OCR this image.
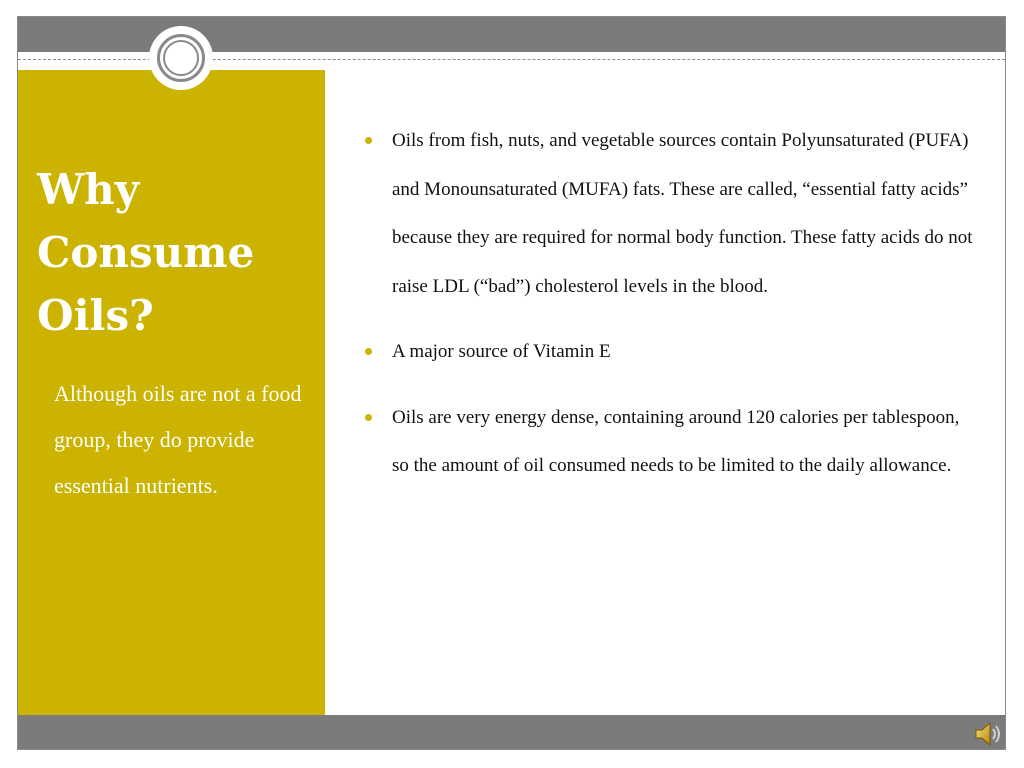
Why
Consume
Oils?

Although oils are not a food group, they do provide essential nutrients.

Oils from fish, nuts, and vegetable sources contain Polyunsaturated (PUFA) and Monounsaturated (MUFA) fats. These are called, “essential fatty acids” because they are required for normal body function. These fatty acids do not raise LDL (“bad”) cholesterol levels in the blood.
A major source of Vitamin E
Oils are very energy dense, containing around 120 calories per tablespoon, so the amount of oil consumed needs to be limited to the daily allowance.
